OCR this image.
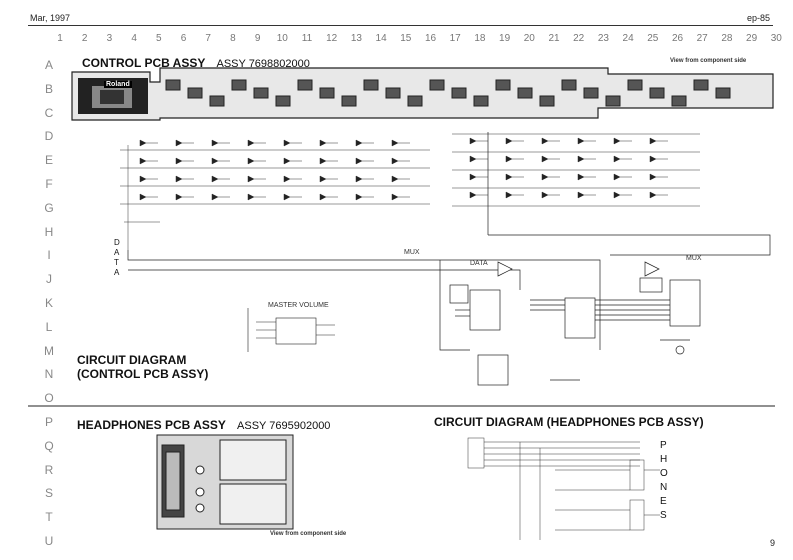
Mar, 1997	ep-85
1	2	3	4	5	6	7	8	9	10	11	12	13	14	15	16	17	18	19	20	21	22	23	24	25	26	27	28	29	30
A
B
C
D
E
F
G
H
I
J
K
L
M
N
O
P
Q
R
S
T
U
CONTROL PCB ASSY ASSY 7698802000	View from component side
Roland
D
A
T
A
MUX
DATA
MUX
MASTER VOLUME
CIRCUIT DIAGRAM
(CONTROL PCB ASSY)
HEADPHONES PCB ASSY ASSY 7695902000
View from component side
CIRCUIT DIAGRAM (HEADPHONES PCB ASSY)
P
H
O
N
E
S
9
